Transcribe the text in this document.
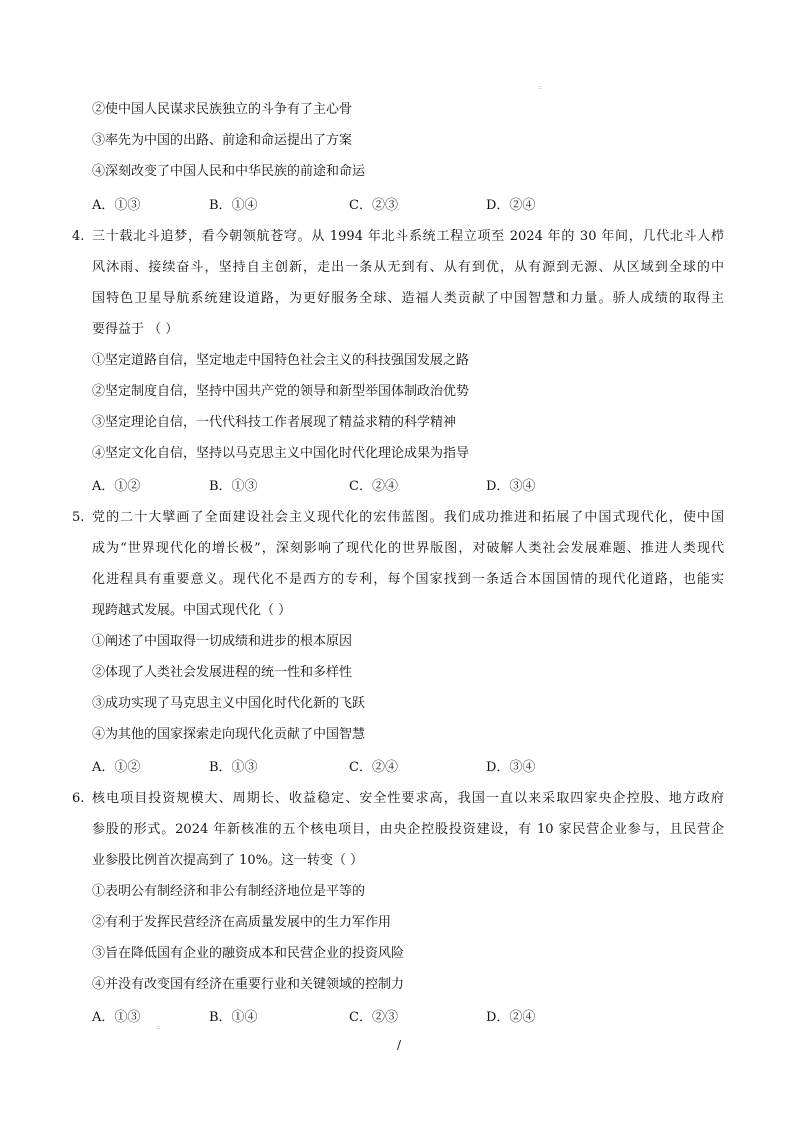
::
②使中国人民谋求民族独立的斗争有了主心骨
③率先为中国的出路、前途和命运提出了方案
④深刻改变了中国人民和中华民族的前途和命运
A．①③	B．①④	C．②③	D．②④
4. 三十载北斗追梦，看今朝领航苍穹。从 1994 年北斗系统工程立项至 2024 年的 30 年间，几代北斗人栉
风沐雨、接续奋斗，坚持自主创新，走出一条从无到有、从有到优，从有源到无源、从区域到全球的中
国特色卫星导航系统建设道路，为更好服务全球、造福人类贡献了中国智慧和力量。骄人成绩的取得主
要得益于 （ ）
①坚定道路自信，坚定地走中国特色社会主义的科技强国发展之路
②坚定制度自信，坚持中国共产党的领导和新型举国体制政治优势
③坚定理论自信，一代代科技工作者展现了精益求精的科学精神
④坚定文化自信，坚持以马克思主义中国化时代化理论成果为指导
A．①②	B．①③	C．②④	D．③④
5. 党的二十大擘画了全面建设社会主义现代化的宏伟蓝图。我们成功推进和拓展了中国式现代化，使中国
成为“世界现代化的增长极”，深刻影响了现代化的世界版图，对破解人类社会发展难题、推进人类现代
化进程具有重要意义。现代化不是西方的专利，每个国家找到一条适合本国国情的现代化道路，也能实
现跨越式发展。中国式现代化（ ）
①阐述了中国取得一切成绩和进步的根本原因
②体现了人类社会发展进程的统一性和多样性
③成功实现了马克思主义中国化时代化新的飞跃
④为其他的国家探索走向现代化贡献了中国智慧
A．①②	B．①③	C．②④	D．③④
6. 核电项目投资规模大、周期长、收益稳定、安全性要求高，我国一直以来采取四家央企控股、地方政府
参股的形式。2024 年新核准的五个核电项目，由央企控股投资建设，有 10 家民营企业参与，且民营企
业参股比例首次提高到了 10%。这一转变（ ）
①表明公有制经济和非公有制经济地位是平等的
②有利于发挥民营经济在高质量发展中的生力军作用
③旨在降低国有企业的融资成本和民营企业的投资风险
④并没有改变国有经济在重要行业和关键领域的控制力
A．①③	B．①④	C．②③	D．②④
::
/
